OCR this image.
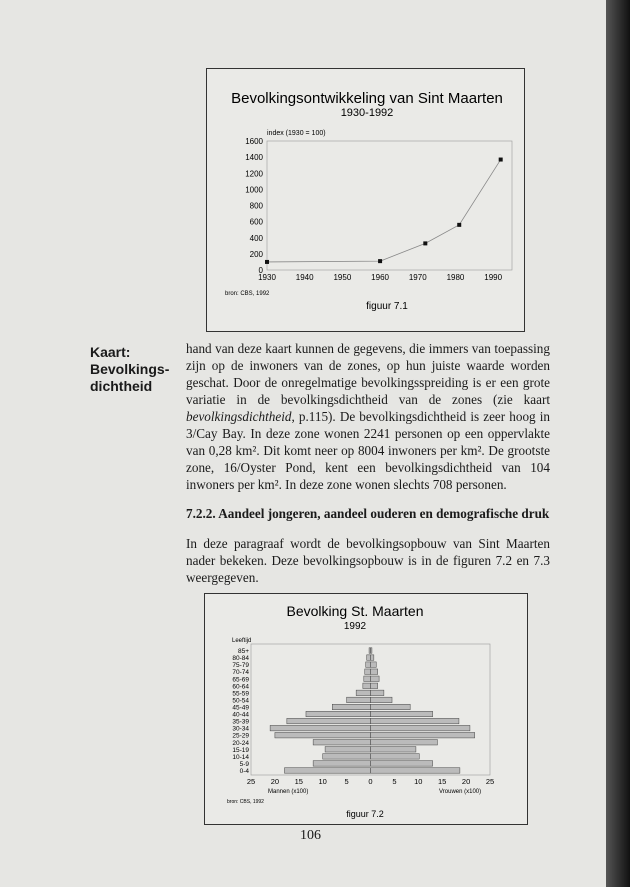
Bevolkingsontwikkeling van Sint Maarten
1930-1992
index (1930 = 100)
bron: CBS, 1992
figuur 7.1
0
200
400
600
800
1000
1200
1400
1600
1930 1940 1950 1960 1970 1980 1990
Kaart:
Bevolkings-
dichtheid

hand van deze kaart kunnen de gegevens, die immers van toepassing zijn op de inwoners van de zones, op hun juiste waarde worden geschat. Door de onregelmatige bevolkingsspreiding is er een grote variatie in de bevolkingsdichtheid van de zones (zie kaart bevolkingsdichtheid, p.115). De bevolkingsdichtheid is zeer hoog in 3/Cay Bay. In deze zone wonen 2241 personen op een oppervlakte van 0,28 km². Dit komt neer op 8004 inwoners per km². De grootste zone, 16/Oyster Pond, kent een bevolkingsdichtheid van 104 inwoners per km². In deze zone wonen slechts 708 personen.

7.2.2. Aandeel jongeren, aandeel ouderen en demografische druk

In deze paragraaf wordt de bevolkingsopbouw van Sint Maarten nader bekeken. Deze bevolkingsopbouw is in de figuren 7.2 en 7.3 weergegeven.

Bevolking St. Maarten
1992
Leeftijd
Mannen (x100)	Vrouwen (x100)
bron: CBS, 1992
figuur 7.2
85+
80-84
75-79
70-74
65-69
60-64
55-59
50-54
45-49
40-44
35-39
30-34
25-29
20-24
15-19
10-14
5-9
0-4
25 20 15 10 5	0	5 10 15 20 25
106
